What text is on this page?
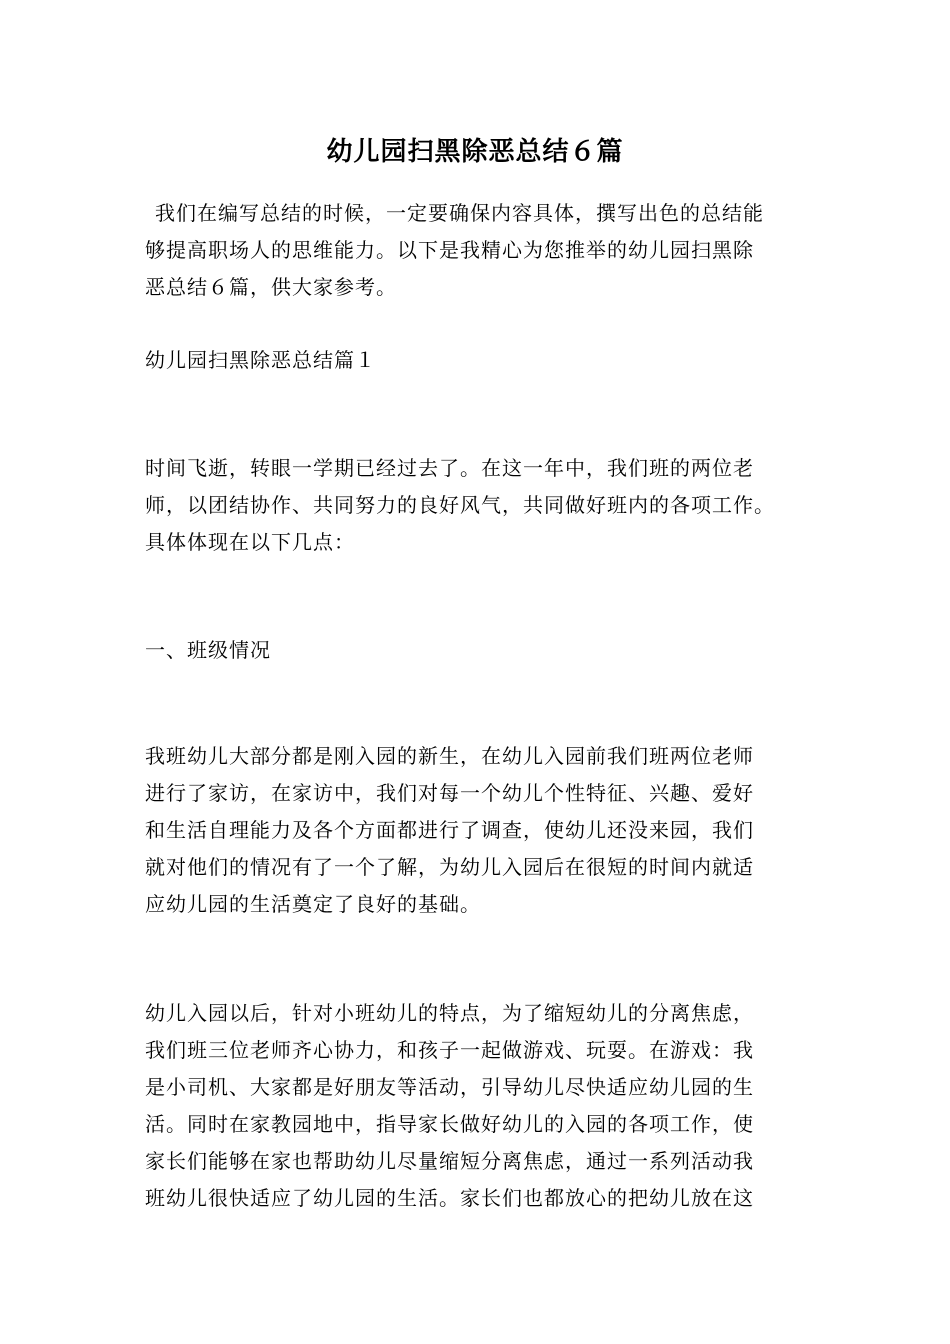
幼儿园扫黑除恶总结６篇

我们在编写总结的时候，一定要确保内容具体，撰写出色的总结能
够提高职场人的思维能力。以下是我精心为您推举的幼儿园扫黑除
恶总结６篇，供大家参考。

幼儿园扫黑除恶总结篇１

时间飞逝，转眼一学期已经过去了。在这一年中，我们班的两位老
师，以团结协作、共同努力的良好风气，共同做好班内的各项工作。
具体体现在以下几点：

一、班级情况

我班幼儿大部分都是刚入园的新生，在幼儿入园前我们班两位老师
进行了家访，在家访中，我们对每一个幼儿个性特征、兴趣、爱好
和生活自理能力及各个方面都进行了调查，使幼儿还没来园，我们
就对他们的情况有了一个了解，为幼儿入园后在很短的时间内就适
应幼儿园的生活奠定了良好的基础。

幼儿入园以后，针对小班幼儿的特点，为了缩短幼儿的分离焦虑，
我们班三位老师齐心协力，和孩子一起做游戏、玩耍。在游戏：我
是小司机、大家都是好朋友等活动，引导幼儿尽快适应幼儿园的生
活。同时在家教园地中，指导家长做好幼儿的入园的各项工作，使
家长们能够在家也帮助幼儿尽量缩短分离焦虑，通过一系列活动我
班幼儿很快适应了幼儿园的生活。家长们也都放心的把幼儿放在这
